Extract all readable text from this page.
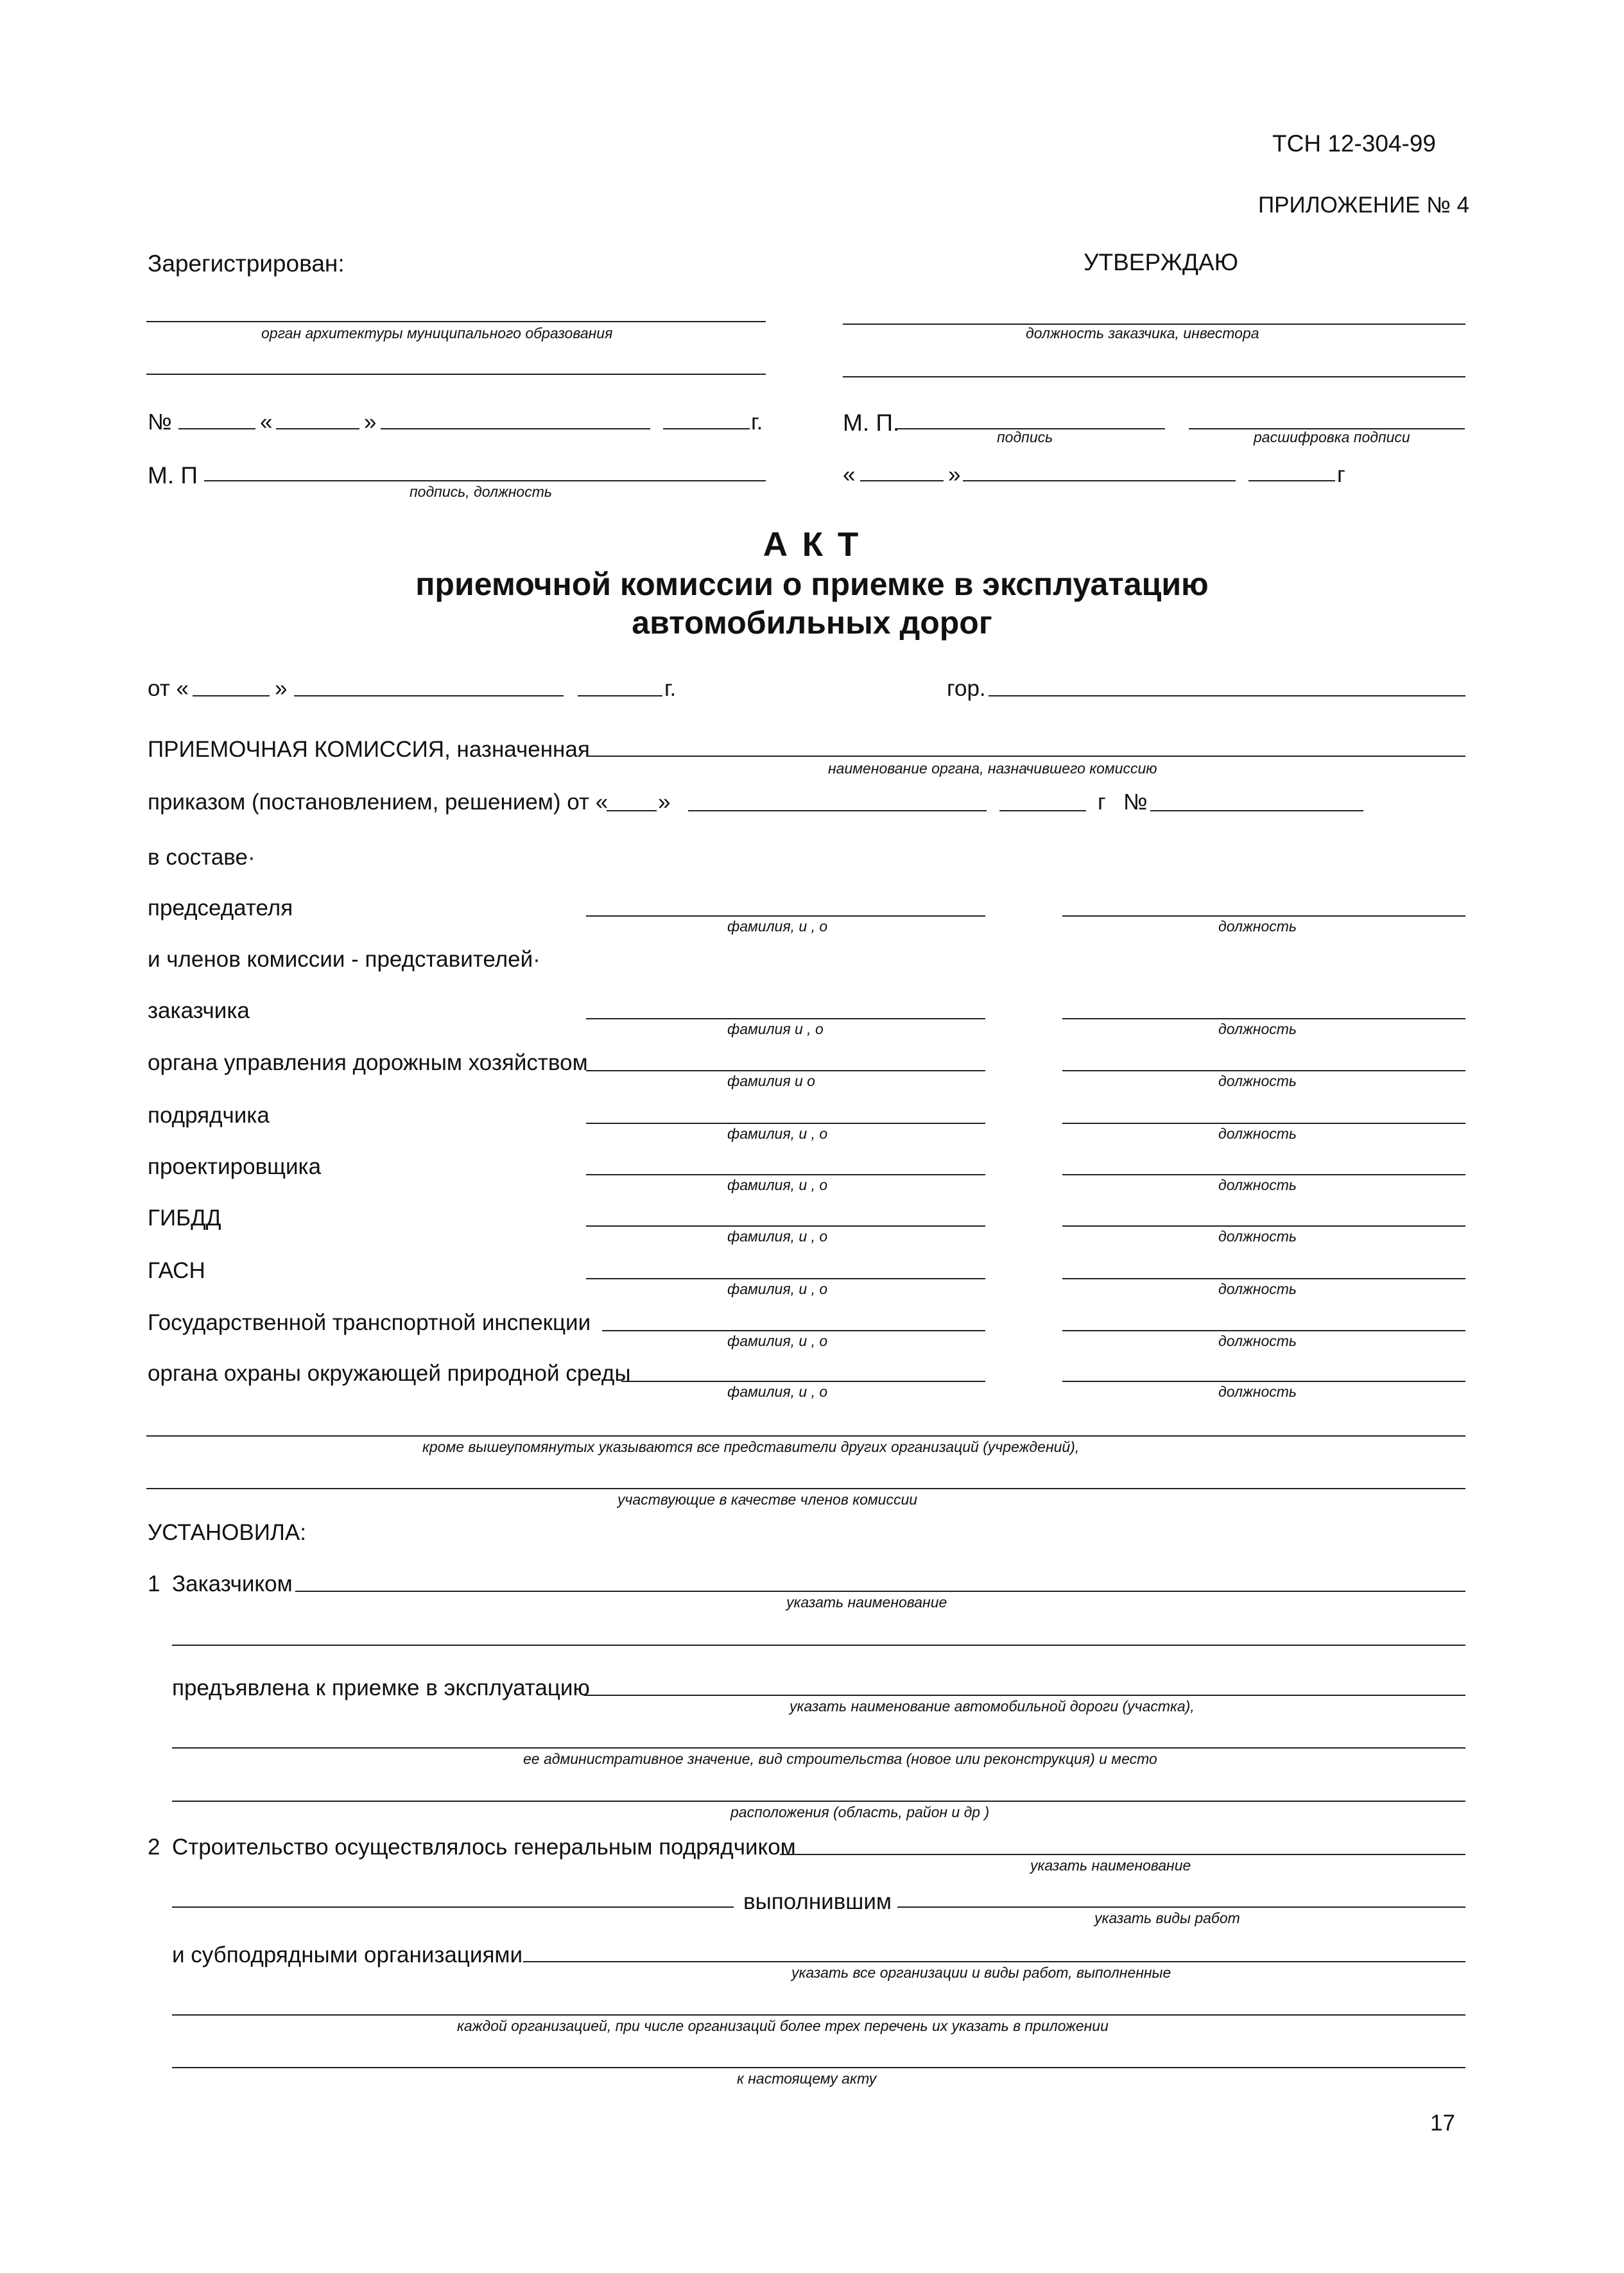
ТСН 12-304-99
ПРИЛОЖЕНИЕ № 4
Зарегистрирован:	УТВЕРЖДАЮ
орган архитектуры муниципального образования	должность заказчика, инвестора
№	«	»	г.	М. П.
подпись	расшифровка подписи
М. П
подпись, должность
«	»	г
А К Т
приемочной комиссии о приемке в эксплуатацию
автомобильных дорог
от «	»	г.	гор.
ПРИЕМОЧНАЯ КОМИССИЯ, назначенная
наименование органа, назначившего комиссию
приказом (постановлением, решением) от « »	г №
в составе·
председателя
фамилия, и , о	должность
и членов комиссии - представителей·
заказчика
фамилия и , о	должность
органа управления дорожным хозяйством
фамилия и о	должность
подрядчика
фамилия, и , о	должность
проектировщика
фамилия, и , о	должность
ГИБДД
фамилия, и , о	должность
ГАСН
фамилия, и , о	должность
Государственной транспортной инспекции
фамилия, и , о	должность
органа охраны окружающей природной среды
фамилия, и , о	должность
кроме вышеупомянутых указываются все представители других организаций (учреждений),
участвующие в качестве членов комиссии
УСТАНОВИЛА:
1 Заказчиком
указать наименование
предъявлена к приемке в эксплуатацию
указать наименование автомобильной дороги (участка),
ее административное значение, вид строительства (новое или реконструкция) и место
расположения (область, район и др )
2 Строительство осуществлялось генеральным подрядчиком
указать наименование
выполнившим
указать виды работ
и субподрядными организациями
указать все организации и виды работ, выполненные
каждой организацией, при числе организаций более трех перечень их указать в приложении
к настоящему акту
17
